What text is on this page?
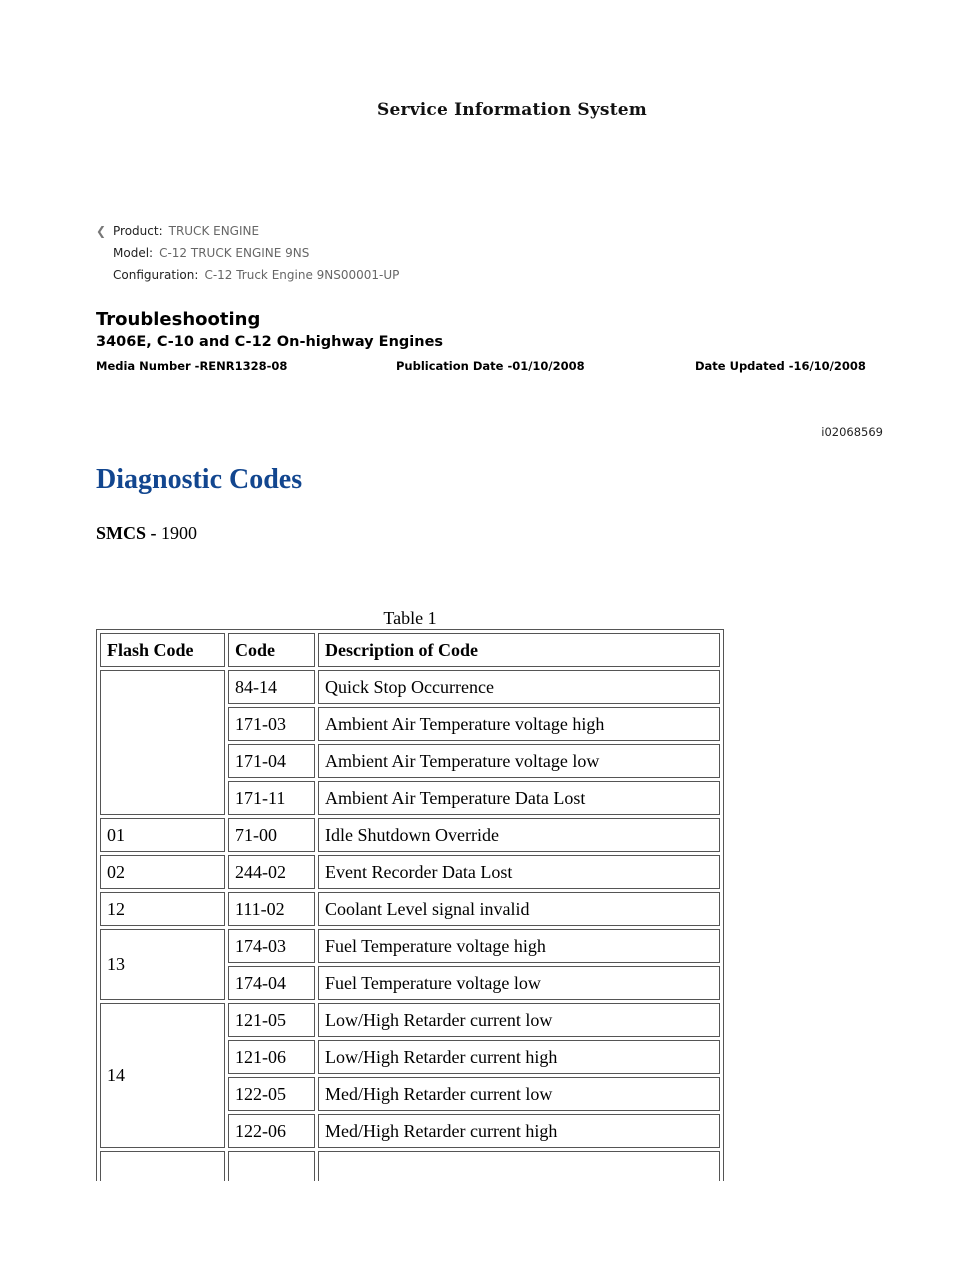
Service Information System
❮ Product: TRUCK ENGINE
Model: C-12 TRUCK ENGINE 9NS
Configuration: C-12 Truck Engine 9NS00001-UP
Troubleshooting
3406E, C-10 and C-12 On-highway Engines
Media Number -RENR1328-08	Publication Date -01/10/2008	Date Updated -16/10/2008
i02068569
Diagnostic Codes
SMCS - 1900
Table 1
Flash Code	Code	Description of Code
	84-14	Quick Stop Occurrence
	171-03	Ambient Air Temperature voltage high
	171-04	Ambient Air Temperature voltage low
	171-11	Ambient Air Temperature Data Lost
01	71-00	Idle Shutdown Override
02	244-02	Event Recorder Data Lost
12	111-02	Coolant Level signal invalid
13	174-03	Fuel Temperature voltage high
	174-04	Fuel Temperature voltage low
14	121-05	Low/High Retarder current low
	121-06	Low/High Retarder current high
	122-05	Med/High Retarder current low
	122-06	Med/High Retarder current high
